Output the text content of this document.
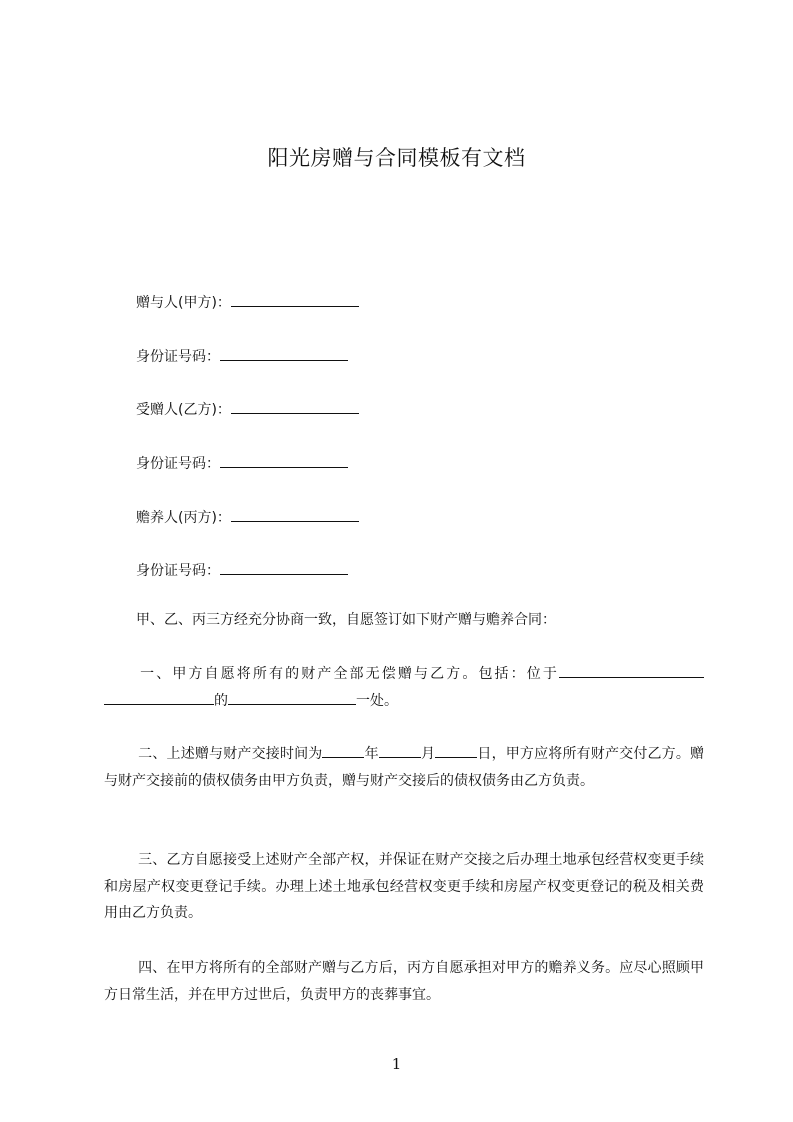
阳光房赠与合同模板有文档
赠与人(甲方)：
身份证号码：
受赠人(乙方)：
身份证号码：
赡养人(丙方)：
身份证号码：
甲、乙、丙三方经充分协商一致，自愿签订如下财产赠与赡养合同：

一、甲方自愿将所有的财产全部无偿赠与乙方。包括：位于的	一处。

二、上述赠与财产交接时间为	年	月	日，甲方应将所有财产交付乙方。赠与财产交接前的债权债务由甲方负责，赠与财产交接后的债权债务由乙方负责。

三、乙方自愿接受上述财产全部产权，并保证在财产交接之后办理土地承包经营权变更手续和房屋产权变更登记手续。办理上述土地承包经营权变更手续和房屋产权变更登记的税及相关费用由乙方负责。

四、在甲方将所有的全部财产赠与乙方后，丙方自愿承担对甲方的赡养义务。应尽心照顾甲方日常生活，并在甲方过世后，负责甲方的丧葬事宜。

1
